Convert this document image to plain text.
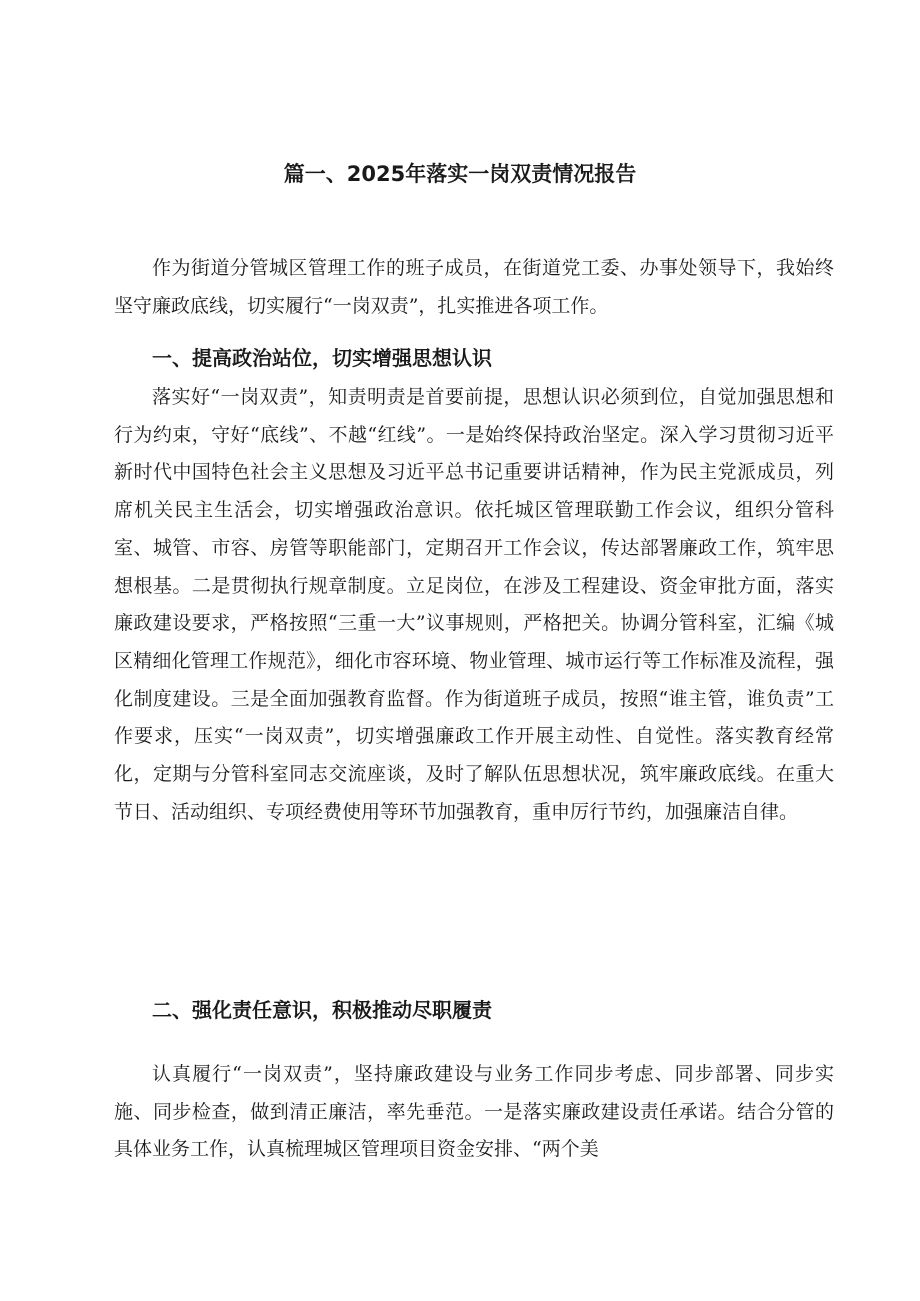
篇一、2025年落实一岗双责情况报告

作为街道分管城区管理工作的班子成员，在街道党工委、办事处领导下，我始终坚守廉政底线，切实履行“一岗双责”，扎实推进各项工作。

一、提高政治站位，切实增强思想认识

落实好“一岗双责”，知责明责是首要前提，思想认识必须到位，自觉加强思想和行为约束，守好“底线”、不越“红线”。一是始终保持政治坚定。深入学习贯彻习近平新时代中国特色社会主义思想及习近平总书记重要讲话精神，作为民主党派成员，列席机关民主生活会，切实增强政治意识。依托城区管理联勤工作会议，组织分管科室、城管、市容、房管等职能部门，定期召开工作会议，传达部署廉政工作，筑牢思想根基。二是贯彻执行规章制度。立足岗位，在涉及工程建设、资金审批方面，落实廉政建设要求，严格按照“三重一大”议事规则，严格把关。协调分管科室，汇编《城区精细化管理工作规范》，细化市容环境、物业管理、城市运行等工作标准及流程，强化制度建设。三是全面加强教育监督。作为街道班子成员，按照“谁主管，谁负责”工作要求，压实“一岗双责”，切实增强廉政工作开展主动性、自觉性。落实教育经常化，定期与分管科室同志交流座谈，及时了解队伍思想状况，筑牢廉政底线。在重大节日、活动组织、专项经费使用等环节加强教育，重申厉行节约，加强廉洁自律。

二、强化责任意识，积极推动尽职履责

认真履行“一岗双责”，坚持廉政建设与业务工作同步考虑、同步部署、同步实施、同步检查，做到清正廉洁，率先垂范。一是落实廉政建设责任承诺。结合分管的具体业务工作，认真梳理城区管理项目资金安排、“两个美
